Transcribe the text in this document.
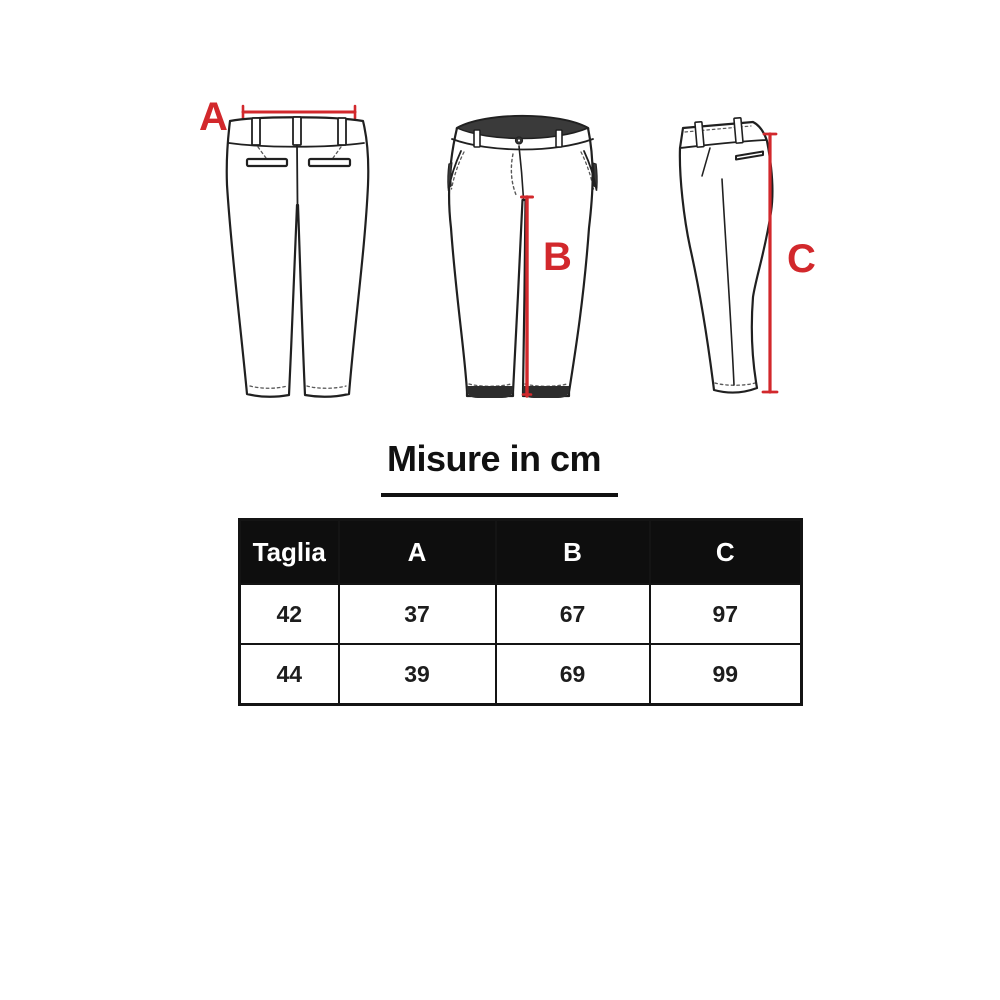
A
B	C
Misure in cm
Taglia	A	B	C
42	37	67	97
44	39	69	99
